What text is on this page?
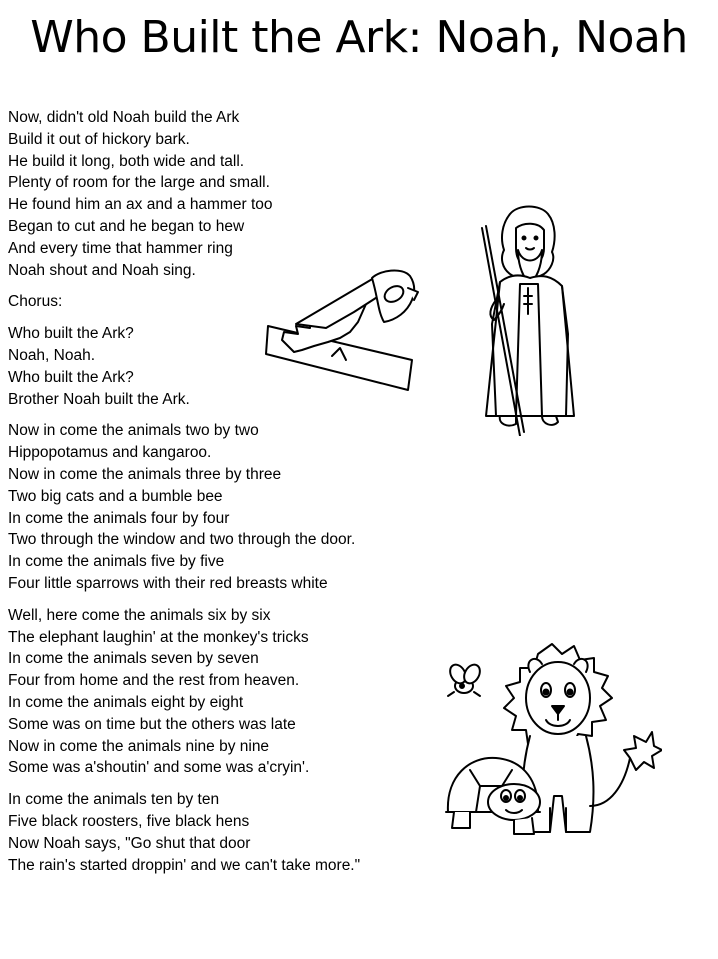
Who Built the Ark: Noah, Noah
Now, didn't old Noah build the Ark
Build it out of hickory bark.
He build it long, both wide and tall.
Plenty of room for the large and small.
He found him an ax and a hammer too
Began to cut and he began to hew
And every time that hammer ring
Noah shout and Noah sing.
Chorus:
Who built the Ark?
Noah, Noah.
Who built the Ark?
Brother Noah built the Ark.
Now in come the animals two by two
Hippopotamus and kangaroo.
Now in come the animals three by three
Two big cats and a bumble bee
In come the animals four by four
Two through the window and two through the door.
In come the animals five by five
Four little sparrows with their red breasts white
Well, here come the animals six by six
The elephant laughin' at the monkey's tricks
In come the animals seven by seven
Four from home and the rest from heaven.
In come the animals eight by eight
Some was on time but the others was late
Now in come the animals nine by nine
Some was a'shoutin' and some was a'cryin'.
In come the animals ten by ten
Five black roosters, five black hens
Now Noah says, "Go shut that door
The rain's started droppin' and we can't take more."
